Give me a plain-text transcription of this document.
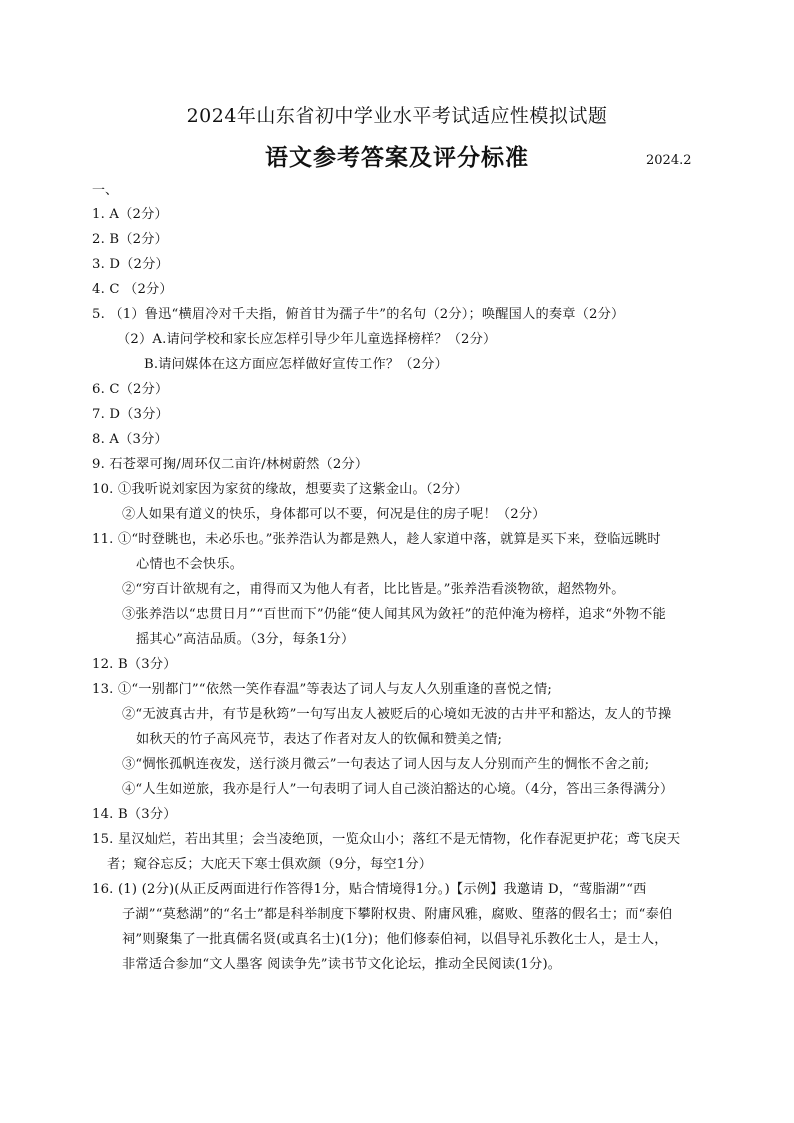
2024年山东省初中学业水平考试适应性模拟试题
语文参考答案及评分标准	2024.2
一、
1. A（2分）
2. B（2分）
3. D（2分）
4. C （2分）
5. （1）鲁迅“横眉冷对千夫指，俯首甘为孺子牛”的名句（2分）；唤醒国人的奏章（2分）
（2）A.请问学校和家长应怎样引导少年儿童选择榜样？（2分）
B.请问媒体在这方面应怎样做好宣传工作？（2分）
6. C（2分）
7. D（3分）
8. A（3分）
9. 石苍翠可掬/周环仅二亩许/林树蔚然（2分）
10. ①我听说刘家因为家贫的缘故，想要卖了这紫金山。（2分）
②人如果有道义的快乐，身体都可以不要，何况是住的房子呢！（2分）
11. ①“时登眺也，未必乐也。”张养浩认为都是熟人，趁人家道中落，就算是买下来，登临远眺时
心情也不会快乐。
②“穷百计欲规有之，甫得而又为他人有者，比比皆是。”张养浩看淡物欲，超然物外。
③张养浩以“忠贯日月”“百世而下”仍能“使人闻其风为敛衽”的范仲淹为榜样，追求“外物不能
摇其心”高洁品质。（3分，每条1分）
12. B（3分）
13. ①“一别都门”“依然一笑作春温”等表达了词人与友人久别重逢的喜悦之情;
②“无波真古井，有节是秋筠”一句写出友人被贬后的心境如无波的古井平和豁达，友人的节操
如秋天的竹子高风亮节，表达了作者对友人的钦佩和赞美之情;
③“惆怅孤帆连夜发，送行淡月微云”一句表达了词人因与友人分别而产生的惆怅不舍之前;
④“人生如逆旅，我亦是行人”一句表明了词人自己淡泊豁达的心境。（4分，答出三条得满分）
14. B（3分）
15. 星汉灿烂，若出其里；会当凌绝顶，一览众山小；落红不是无情物，化作春泥更护花；鸢飞戾天
者；窥谷忘反；大庇天下寒士俱欢颜（9分，每空1分）
16. (1) (2分)(从正反两面进行作答得1分，贴合情境得1分。)【示例】我邀请 D，“莺脂湖”“西
子湖”“莫愁湖”的“名士”都是科举制度下攀附权贵、附庸风雅，腐败、堕落的假名士；而“泰伯
祠”则聚集了一批真儒名贤(或真名士)(1分)；他们修泰伯祠，以倡导礼乐教化士人，是士人，
非常适合参加“文人墨客 阅读争先”读书节文化论坛，推动全民阅读(1分)。
